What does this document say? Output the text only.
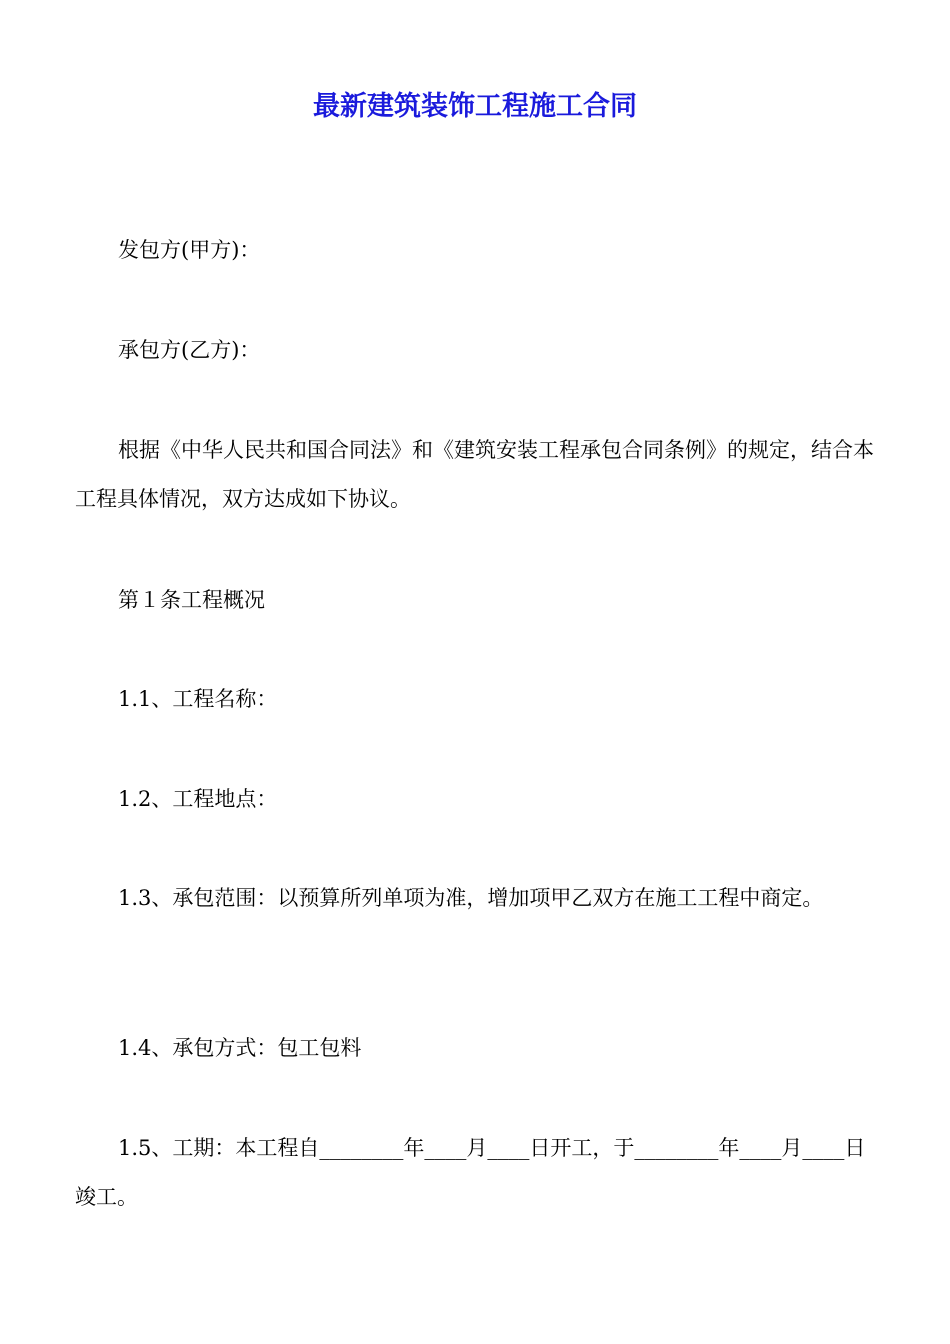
最新建筑装饰工程施工合同
发包方(甲方)：
承包方(乙方)：
根据《中华人民共和国合同法》和《建筑安装工程承包合同条例》的规定，结合本工程具体情况，双方达成如下协议。
第１条工程概况
1.1、工程名称：
1.2、工程地点：
1.3、承包范围：以预算所列单项为准，增加项甲乙双方在施工工程中商定。
1.4、承包方式：包工包料
1.5、工期：本工程自________年____月____日开工，于________年____月____日竣工。
